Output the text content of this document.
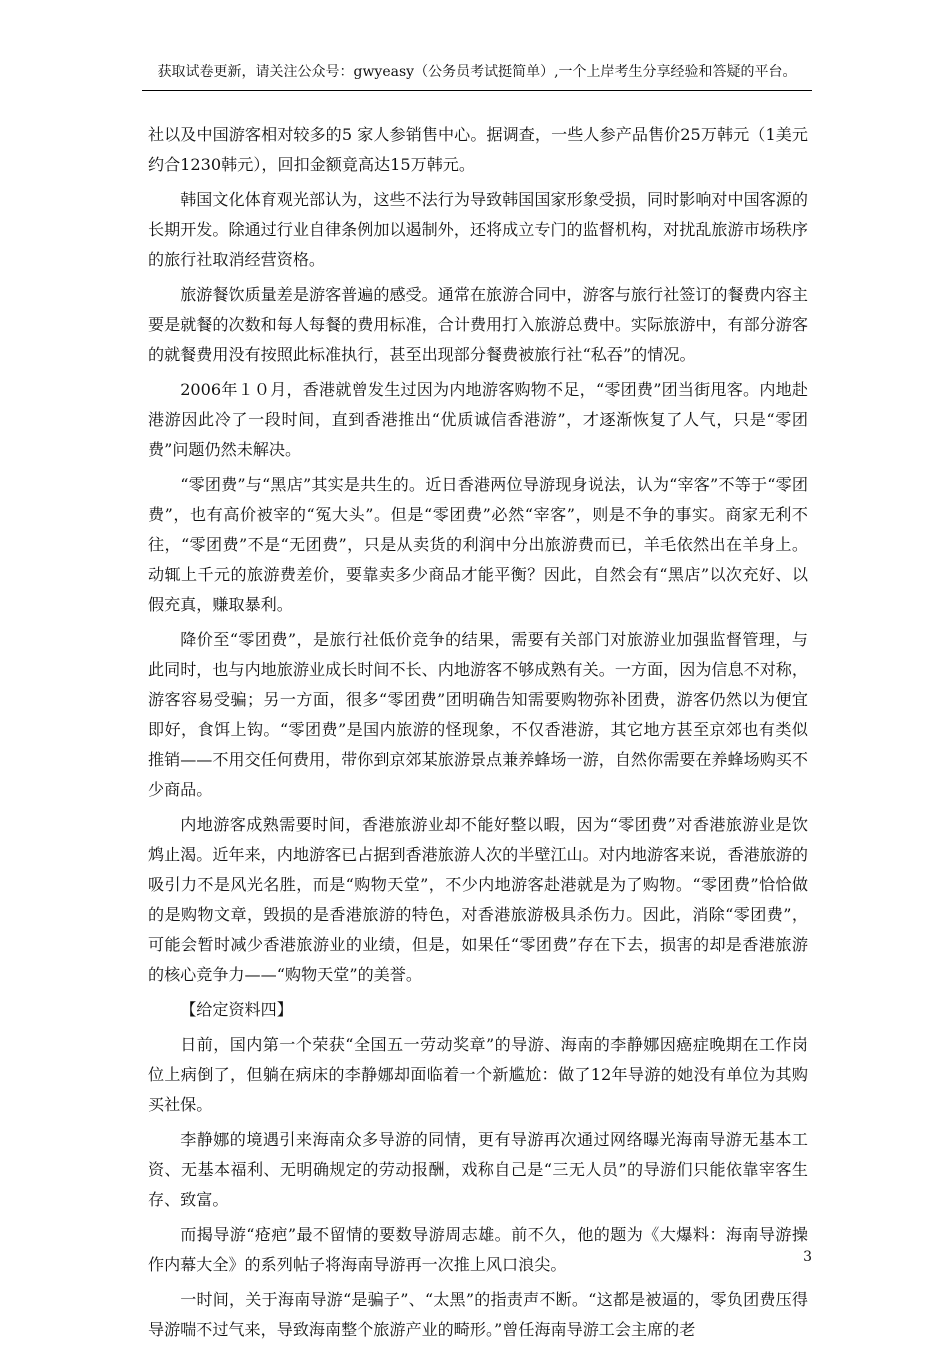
获取试卷更新，请关注公众号：gwyeasy（公务员考试挺简单）,一个上岸考生分享经验和答疑的平台。

社以及中国游客相对较多的5 家人参销售中心。据调查，一些人参产品售价25万韩元（1美元约合1230韩元），回扣金额竟高达15万韩元。

韩国文化体育观光部认为，这些不法行为导致韩国国家形象受损，同时影响对中国客源的长期开发。除通过行业自律条例加以遏制外，还将成立专门的监督机构，对扰乱旅游市场秩序的旅行社取消经营资格。

旅游餐饮质量差是游客普遍的感受。通常在旅游合同中，游客与旅行社签订的餐费内容主要是就餐的次数和每人每餐的费用标准，合计费用打入旅游总费中。实际旅游中，有部分游客的就餐费用没有按照此标准执行，甚至出现部分餐费被旅行社“私吞”的情况。

2006年１０月，香港就曾发生过因为内地游客购物不足，“零团费”团当街甩客。内地赴港游因此冷了一段时间，直到香港推出“优质诚信香港游”，才逐渐恢复了人气，只是“零团费”问题仍然未解决。

“零团费”与“黑店”其实是共生的。近日香港两位导游现身说法，认为“宰客”不等于“零团费”，也有高价被宰的“冤大头”。但是“零团费”必然“宰客”，则是不争的事实。商家无利不往，“零团费”不是“无团费”，只是从卖货的利润中分出旅游费而已，羊毛依然出在羊身上。动辄上千元的旅游费差价，要靠卖多少商品才能平衡？因此，自然会有“黑店”以次充好、以假充真，赚取暴利。

降价至“零团费”，是旅行社低价竞争的结果，需要有关部门对旅游业加强监督管理，与此同时，也与内地旅游业成长时间不长、内地游客不够成熟有关。一方面，因为信息不对称，游客容易受骗；另一方面，很多“零团费”团明确告知需要购物弥补团费，游客仍然以为便宜即好，食饵上钩。“零团费”是国内旅游的怪现象，不仅香港游，其它地方甚至京郊也有类似推销——不用交任何费用，带你到京郊某旅游景点兼养蜂场一游，自然你需要在养蜂场购买不少商品。

内地游客成熟需要时间，香港旅游业却不能好整以暇，因为“零团费”对香港旅游业是饮鸩止渴。近年来，内地游客已占据到香港旅游人次的半壁江山。对内地游客来说，香港旅游的吸引力不是风光名胜，而是“购物天堂”，不少内地游客赴港就是为了购物。“零团费”恰恰做的是购物文章，毁损的是香港旅游的特色，对香港旅游极具杀伤力。因此，消除“零团费”，可能会暂时减少香港旅游业的业绩，但是，如果任“零团费”存在下去，损害的却是香港旅游的核心竞争力——“购物天堂”的美誉。

【给定资料四】

日前，国内第一个荣获“全国五一劳动奖章”的导游、海南的李静娜因癌症晚期在工作岗位上病倒了，但躺在病床的李静娜却面临着一个新尴尬：做了12年导游的她没有单位为其购买社保。

李静娜的境遇引来海南众多导游的同情，更有导游再次通过网络曝光海南导游无基本工资、无基本福利、无明确规定的劳动报酬，戏称自己是“三无人员”的导游们只能依靠宰客生存、致富。

而揭导游“疮疤”最不留情的要数导游周志雄。前不久，他的题为《大爆料：海南导游操作内幕大全》的系列帖子将海南导游再一次推上风口浪尖。

一时间，关于海南导游“是骗子”、“太黑”的指责声不断。“这都是被逼的，零负团费压得导游喘不过气来，导致海南整个旅游产业的畸形。”曾任海南导游工会主席的老

3
